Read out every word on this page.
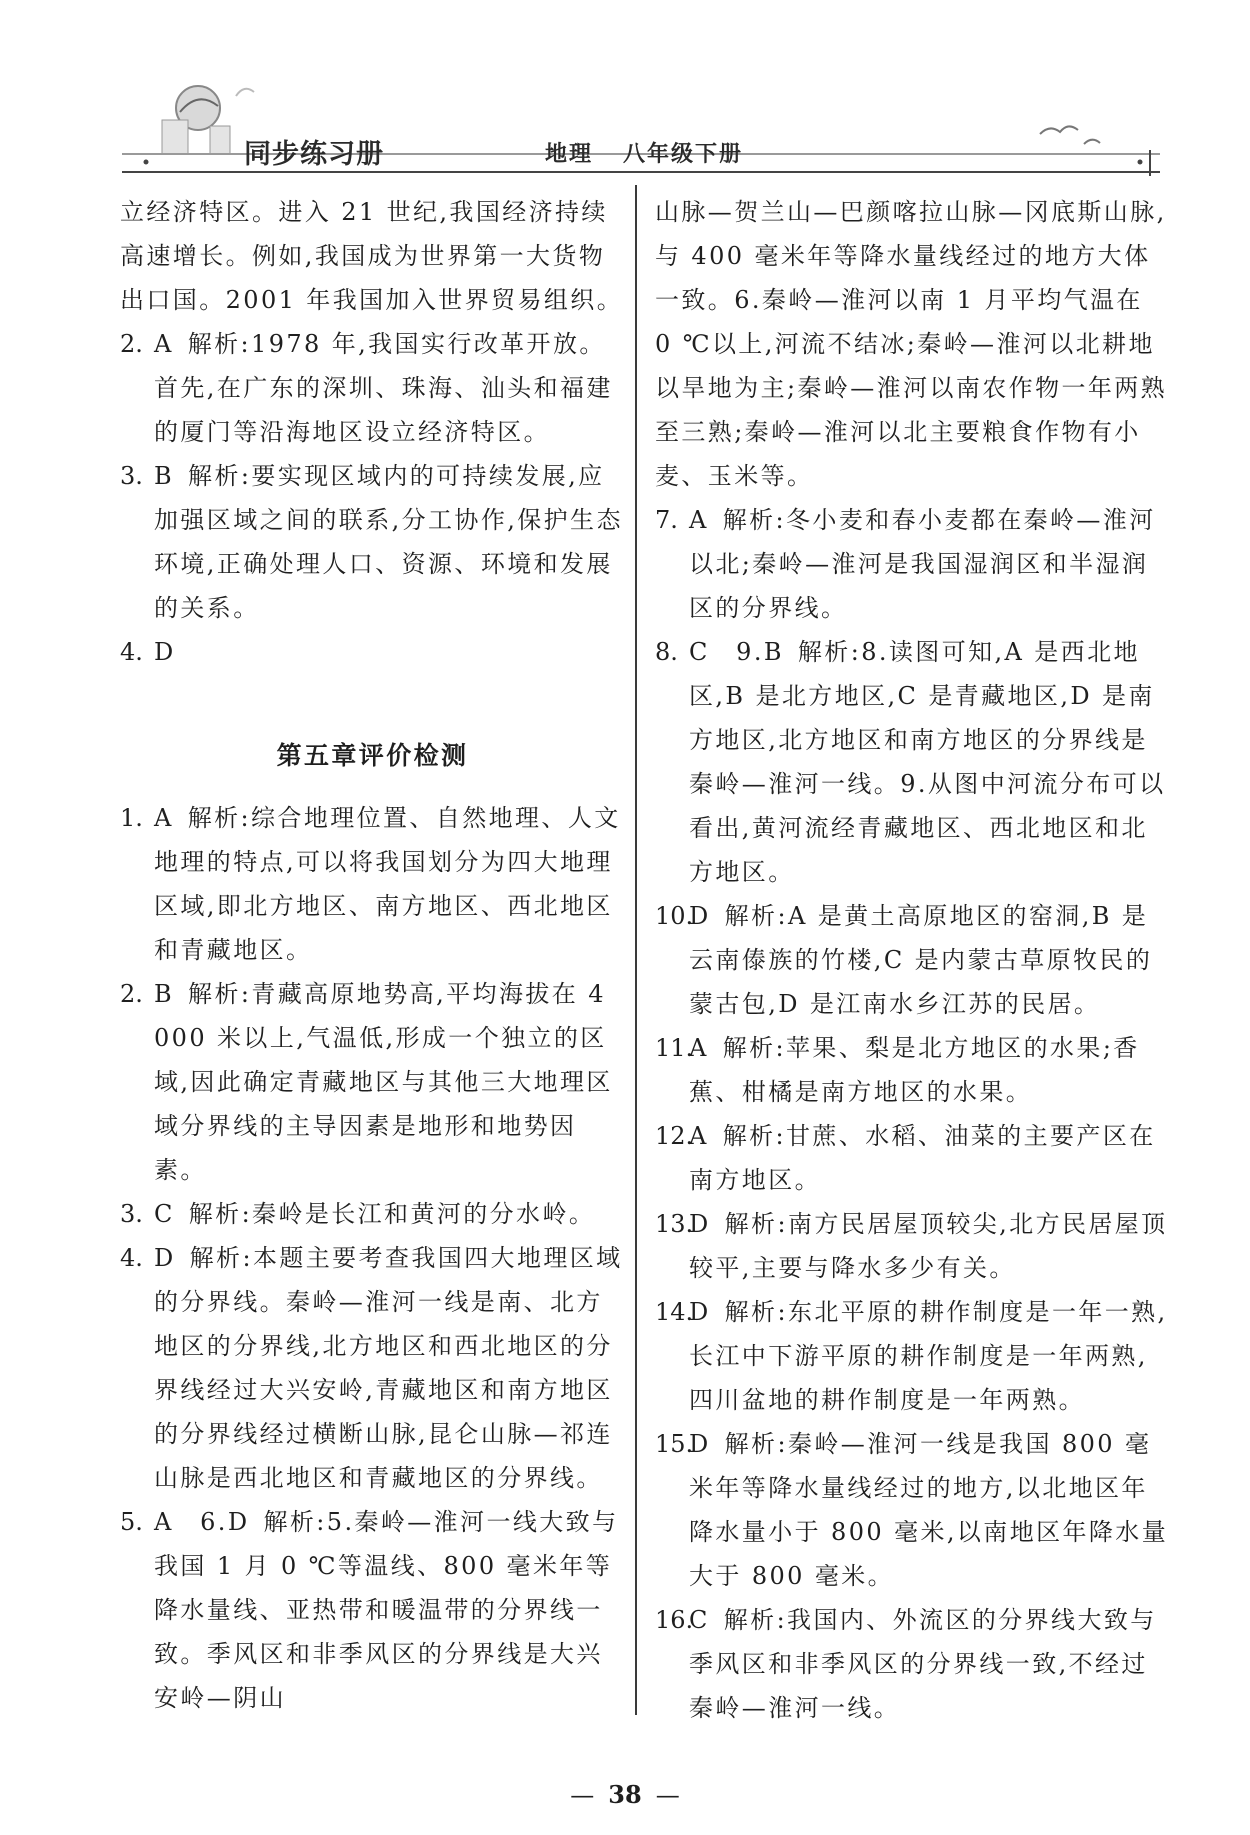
同步练习册	地理 八年级下册

立经济特区。进入 21 世纪,我国经济持续高速增长。例如,我国成为世界第一大货物出口国。2001 年我国加入世界贸易组织。

2. A 解析:1978 年,我国实行改革开放。首先,在广东的深圳、珠海、汕头和福建的厦门等沿海地区设立经济特区。

3. B 解析:要实现区域内的可持续发展,应加强区域之间的联系,分工协作,保护生态环境,正确处理人口、资源、环境和发展的关系。

4. D

第五章评价检测

1. A 解析:综合地理位置、自然地理、人文地理的特点,可以将我国划分为四大地理区域,即北方地区、南方地区、西北地区和青藏地区。

2. B 解析:青藏高原地势高,平均海拔在 4 000 米以上,气温低,形成一个独立的区域,因此确定青藏地区与其他三大地理区域分界线的主导因素是地形和地势因素。

3. C 解析:秦岭是长江和黄河的分水岭。

4. D 解析:本题主要考查我国四大地理区域的分界线。秦岭—淮河一线是南、北方地区的分界线,北方地区和西北地区的分界线经过大兴安岭,青藏地区和南方地区的分界线经过横断山脉,昆仑山脉—祁连山脉是西北地区和青藏地区的分界线。

5. A　6.D 解析:5.秦岭—淮河一线大致与我国 1 月 0 ℃等温线、800 毫米年等降水量线、亚热带和暖温带的分界线一致。季风区和非季风区的分界线是大兴安岭—阴山

山脉—贺兰山—巴颜喀拉山脉—冈底斯山脉,与 400 毫米年等降水量线经过的地方大体一致。6.秦岭—淮河以南 1 月平均气温在 0 ℃以上,河流不结冰;秦岭—淮河以北耕地以旱地为主;秦岭—淮河以南农作物一年两熟至三熟;秦岭—淮河以北主要粮食作物有小麦、玉米等。

7. A 解析:冬小麦和春小麦都在秦岭—淮河以北;秦岭—淮河是我国湿润区和半湿润区的分界线。

8. C　9.B 解析:8.读图可知,A 是西北地区,B 是北方地区,C 是青藏地区,D 是南方地区,北方地区和南方地区的分界线是秦岭—淮河一线。9.从图中河流分布可以看出,黄河流经青藏地区、西北地区和北方地区。

10.D 解析:A 是黄土高原地区的窑洞,B 是云南傣族的竹楼,C 是内蒙古草原牧民的蒙古包,D 是江南水乡江苏的民居。

11.A 解析:苹果、梨是北方地区的水果;香蕉、柑橘是南方地区的水果。

12.A 解析:甘蔗、水稻、油菜的主要产区在南方地区。

13.D 解析:南方民居屋顶较尖,北方民居屋顶较平,主要与降水多少有关。

14.D 解析:东北平原的耕作制度是一年一熟,长江中下游平原的耕作制度是一年两熟,四川盆地的耕作制度是一年两熟。

15.D 解析:秦岭—淮河一线是我国 800 毫米年等降水量线经过的地方,以北地区年降水量小于 800 毫米,以南地区年降水量大于 800 毫米。

16.C 解析:我国内、外流区的分界线大致与季风区和非季风区的分界线一致,不经过秦岭—淮河一线。

— 38 —
